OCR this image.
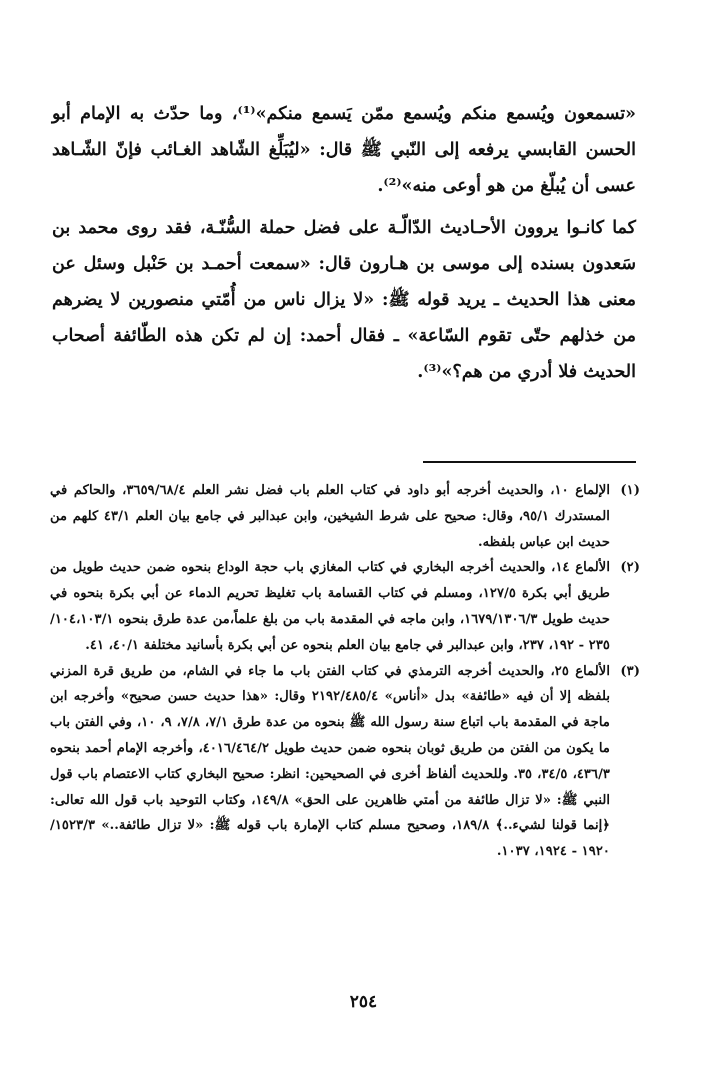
«تسمعون ويُسمع منكم ويُسمع ممّن يَسمع منكم»⁽¹⁾، وما حدّث به الإمام أبو الحسن القابسي يرفعه إلى النّبي ﷺ قال: «ليُبَلِّغ الشّاهد الغـائب فإنّ الشّـاهد عسى أن يُبلّغ من هو أوعى منه»⁽²⁾.

كما كانـوا يروون الأحـاديث الدّالّـة على فضل حملة السُّنّـة، فقد روى محمد بن سَعدون بسنده إلى موسى بن هـارون قال: «سمعت أحمـد بن حَنْبل وسئل عن معنى هذا الحديث ـ يريد قوله ﷺ: «لا يزال ناس من أُمّتي منصورين لا يضرهم من خذلهم حتّى تقوم السّاعة» ـ فقال أحمد: إن لم تكن هذه الطّائفة أصحاب الحديث فلا أدري من هم؟»⁽³⁾.

(١)
الإلماع ١٠، والحديث أخرجه أبو داود في كتاب العلم باب فضل نشر العلم ٣٦٥٩/٦٨/٤، والحاكم في المستدرك ٩٥/١، وقال: صحيح على شرط الشيخين، وابن عبدالبر في جامع بيان العلم ٤٣/١ كلهم من حديث ابن عباس بلفظه.
(٢)
الألماع ١٤، والحديث أخرجه البخاري في كتاب المغازي باب حجة الوداع بنحوه ضمن حديث طويل من طريق أبي بكرة ١٢٧/٥، ومسلم في كتاب القسامة باب تغليظ تحريم الدماء عن أبي بكرة بنحوه في حديث طويل ١٦٧٩/١٣٠٦/٣، وابن ماجه في المقدمة باب من بلغ علماً،من عدة طرق بنحوه ١٠٤،١٠٣/١/ ٢٣٥ - ١٩٢، ٢٣٧، وابن عبدالبر في جامع بيان العلم بنحوه عن أبي بكرة بأسانيد مختلفة ٤٠/١، ٤١.
(٣)
الألماع ٢٥، والحديث أخرجه الترمذي في كتاب الفتن باب ما جاء في الشام، من طريق قرة المزني بلفظه إلا أن فيه «طائفة» بدل «أناس» ٢١٩٢/٤٨٥/٤ وقال: «هذا حديث حسن صحيح» وأخرجه ابن ماجة في المقدمة باب اتباع سنة رسول الله ﷺ بنحوه من عدة طرق ٧/١، ٧/٨، ٩، ١٠، وفي الفتن باب ما يكون من الفتن من طريق ثوبان بنحوه ضمن حديث طويل ٤٠١٦/٤٦٤/٢، وأخرجه الإمام أحمد بنحوه ٤٣٦/٣، ٣٤/٥، ٣٥. وللحديث ألفاظ أخرى في الصحيحين: انظر: صحيح البخاري كتاب الاعتصام باب قول النبي ﷺ: «لا تزال طائفة من أمتي ظاهرين على الحق» ١٤٩/٨، وكتاب التوحيد باب قول الله تعالى: ﴿إنما قولنا لشيء..﴾ ١٨٩/٨، وصحيح مسلم كتاب الإمارة باب قوله ﷺ: «لا تزال طائفة..» ١٥٢٣/٣/ ١٩٢٠ - ١٩٢٤، ١٠٣٧.
٢٥٤
